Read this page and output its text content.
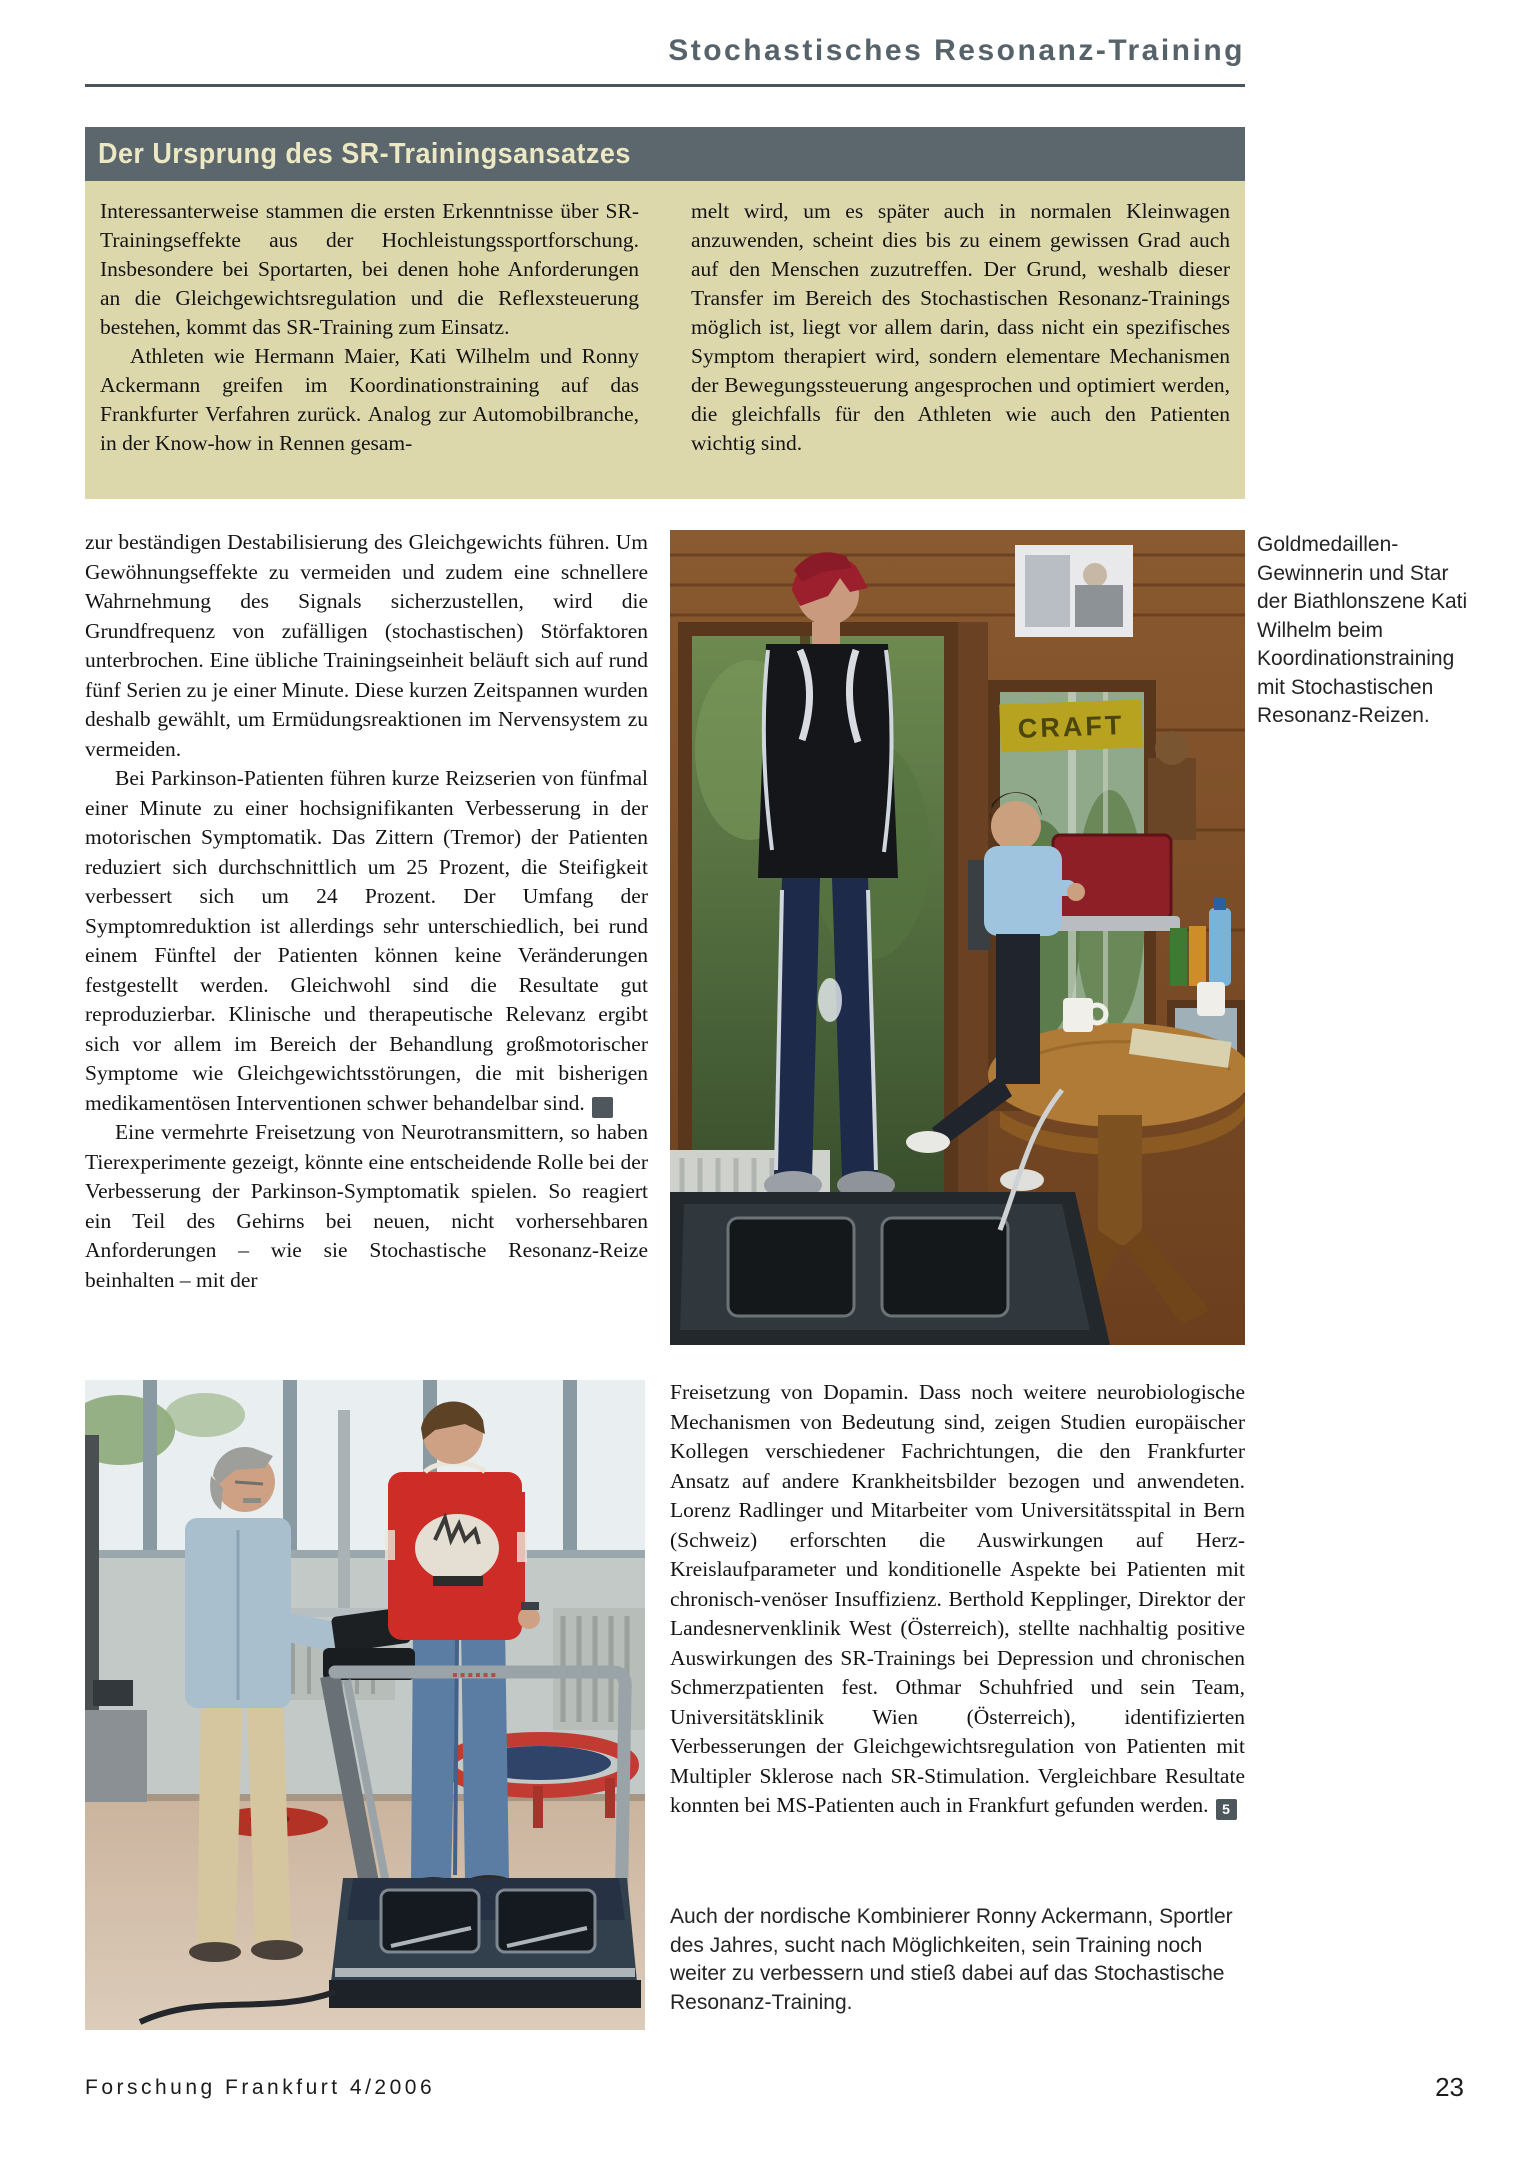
Stochastisches Resonanz-Training
Der Ursprung des SR-Trainingsansatzes

Interessanterweise stammen die ersten Erkenntnisse über SR-Trainingseffekte aus der Hochleistungssportforschung. Insbesondere bei Sportarten, bei denen hohe Anforderungen an die Gleichgewichtsregulation und die Reflexsteuerung bestehen, kommt das SR-Training zum Einsatz.

Athleten wie Hermann Maier, Kati Wilhelm und Ronny Ackermann greifen im Koordinationstraining auf das Frankfurter Verfahren zurück. Analog zur Automobilbranche, in der Know-how in Rennen gesam-

melt wird, um es später auch in normalen Kleinwagen anzuwenden, scheint dies bis zu einem gewissen Grad auch auf den Menschen zuzutreffen. Der Grund, weshalb dieser Transfer im Bereich des Stochastischen Resonanz-Trainings möglich ist, liegt vor allem darin, dass nicht ein spezifisches Symptom therapiert wird, sondern elementare Mechanismen der Bewegungssteuerung angesprochen und optimiert werden, die gleichfalls für den Athleten wie auch den Patienten wichtig sind.

zur beständigen Destabilisierung des Gleichgewichts führen. Um Gewöhnungseffekte zu vermeiden und zudem eine schnellere Wahrnehmung des Signals sicherzustellen, wird die Grundfrequenz von zufälligen (stochastischen) Störfaktoren unterbrochen. Eine übliche Trainingseinheit beläuft sich auf rund fünf Serien zu je einer Minute. Diese kurzen Zeitspannen wurden deshalb gewählt, um Ermüdungsreaktionen im Nervensystem zu vermeiden.

Bei Parkinson-Patienten führen kurze Reizserien von fünfmal einer Minute zu einer hochsignifikanten Verbesserung in der motorischen Symptomatik. Das Zittern (Tremor) der Patienten reduziert sich durchschnittlich um 25 Prozent, die Steifigkeit verbessert sich um 24 Prozent. Der Umfang der Symptomreduktion ist allerdings sehr unterschiedlich, bei rund einem Fünftel der Patienten können keine Veränderungen festgestellt werden. Gleichwohl sind die Resultate gut reproduzierbar. Klinische und therapeutische Relevanz ergibt sich vor allem im Bereich der Behandlung großmotorischer Symptome wie Gleichgewichtsstörungen, die mit bisherigen medikamentösen Interventionen schwer behandelbar sind.	4

Eine vermehrte Freisetzung von Neurotransmittern, so haben Tierexperimente gezeigt, könnte eine entscheidende Rolle bei der Verbesserung der Parkinson-Symptomatik spielen. So reagiert ein Teil des Gehirns bei neuen, nicht vorhersehbaren Anforderungen – wie sie Stochastische Resonanz-Reize beinhalten – mit der

CRAFT
Goldmedaillen-Gewinnerin und Star der Biathlonszene Kati Wilhelm beim Koordinationstraining mit Stochastischen Resonanz-Reizen.
▪▪▪▪▪▪

Freisetzung von Dopamin. Dass noch weitere neurobiologische Mechanismen von Bedeutung sind, zeigen Studien europäischer Kollegen verschiedener Fachrichtungen, die den Frankfurter Ansatz auf andere Krankheitsbilder bezogen und anwendeten. Lorenz Radlinger und Mitarbeiter vom Universitätsspital in Bern (Schweiz) erforschten die Auswirkungen auf Herz-Kreislaufparameter und konditionelle Aspekte bei Patienten mit chronisch-venöser Insuffizienz. Berthold Kepplinger, Direktor der Landesnervenklinik West (Österreich), stellte nachhaltig positive Auswirkungen des SR-Trainings bei Depression und chronischen Schmerzpatienten fest. Othmar Schuhfried und sein Team, Universitätsklinik Wien (Österreich), identifizierten Verbesserungen der Gleichgewichtsregulation von Patienten mit Multipler Sklerose nach SR-Stimulation. Vergleichbare Resultate konnten bei MS-Patienten auch in Frankfurt gefunden werden. 5

Auch der nordische Kombinierer Ronny Ackermann, Sportler des Jahres, sucht nach Möglichkeiten, sein Training noch weiter zu verbessern und stieß dabei auf das Stochastische Resonanz-Training.
Forschung Frankfurt 4/2006	23
